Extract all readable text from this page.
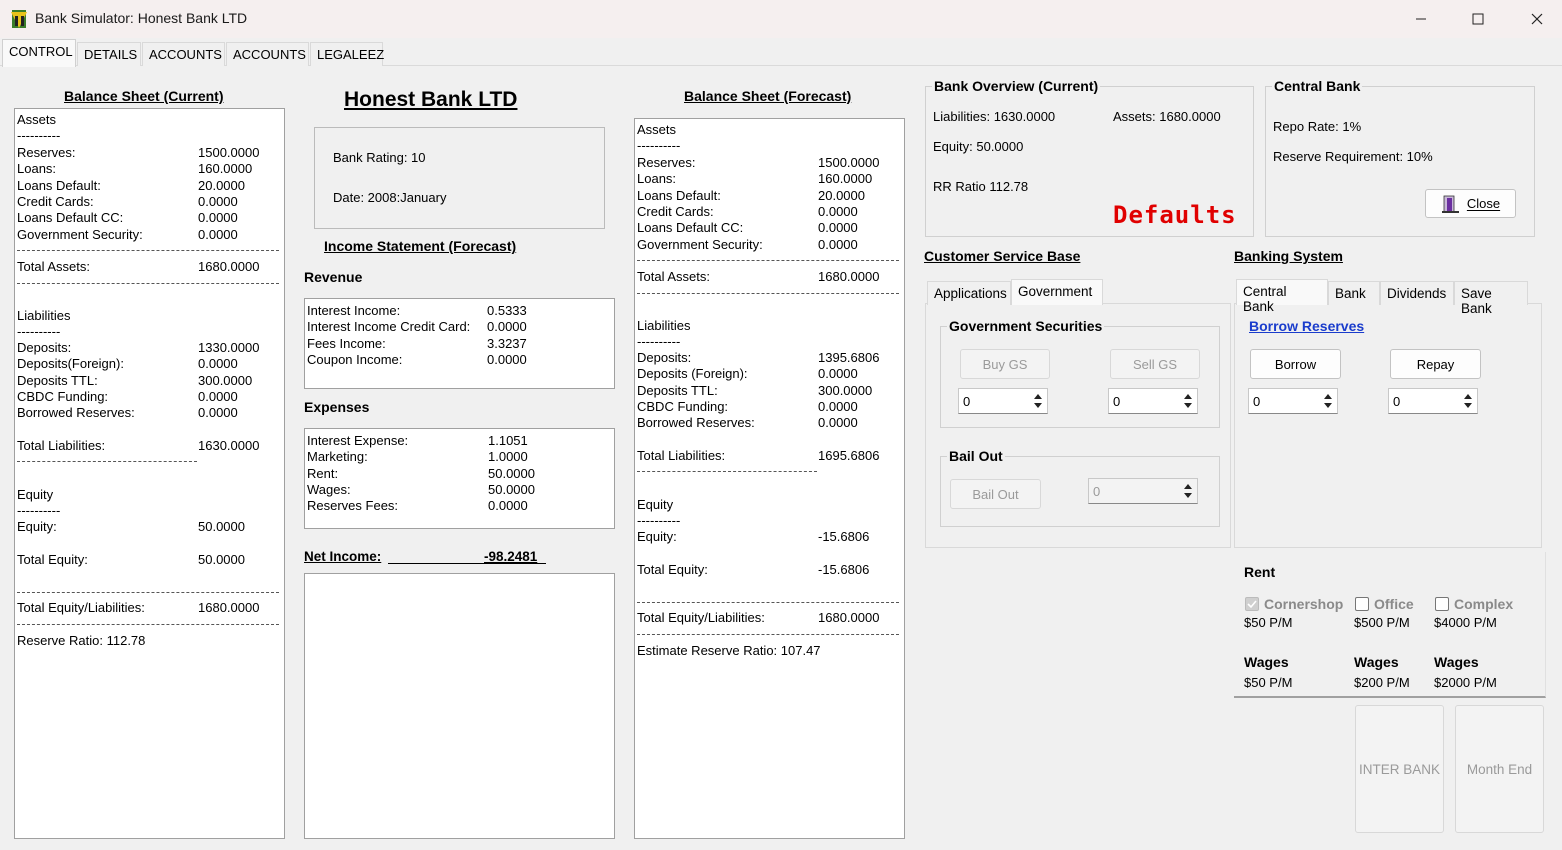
Bank Simulator: Honest Bank LTD
CONTROL DETAILS ACCOUNTS ACCOUNTS LEGALEEZ
Balance Sheet (Current)
Assets
----------
Reserves:	1500.0000
Loans:	160.0000
Loans Default:	20.0000
Credit Cards:	0.0000
Loans Default CC:	0.0000
Government Security:	0.0000
Total Assets:	1680.0000
Liabilities
----------
Deposits:	1330.0000
Deposits(Foreign):	0.0000
Deposits TTL:	300.0000
CBDC Funding:	0.0000
Borrowed Reserves:	0.0000
Total Liabilities:	1630.0000
Equity
----------
Equity:	50.0000
Total Equity:	50.0000
Total Equity/Liabilities:	1680.0000
Reserve Ratio: 112.78
Honest Bank LTD
Bank Rating: 10
Date: 2008:January
Income Statement (Forecast)
Revenue
Interest Income:	0.5333
Interest Income Credit Card: 0.0000
Fees Income:	3.3237
Coupon Income:	0.0000
Expenses
Interest Expense:	1.1051
Marketing:	1.0000
Rent:	50.0000
Wages:	50.0000
Reserves Fees:	0.0000
Net Income:	-98.2481
Balance Sheet (Forecast)
Assets
----------
Reserves:	1500.0000
Loans:	160.0000
Loans Default:	20.0000
Credit Cards:	0.0000
Loans Default CC:	0.0000
Government Security:	0.0000
Total Assets:	1680.0000
Liabilities
----------
Deposits:	1395.6806
Deposits (Foreign):	0.0000
Deposits TTL:	300.0000
CBDC Funding:	0.0000
Borrowed Reserves:	0.0000
Total Liabilities:	1695.6806
Equity
----------
Equity:	-15.6806
Total Equity:	-15.6806
Total Equity/Liabilities:	1680.0000
Estimate Reserve Ratio: 107.47
Bank Overview (Current)
Liabilities: 1630.0000	Assets: 1680.0000
Equity: 50.0000
RR Ratio 112.78
Defaults
Central Bank
Repo Rate: 1%
Reserve Requirement: 10%
Close
Customer Service Base
Applications Government
Government Securities
Buy GS	Sell GS
0	0
Bail Out
Bail Out	0
Banking System
Central Bank
Bank	Dividends	Save Bank
Borrow Reserves
Borrow	Repay
0	0
Rent
Cornershop
$50 P/M
Office
$500 P/M
Complex
$4000 P/M
Wages
$50 P/M
Wages
$200 P/M
Wages
$2000 P/M
INTER BANK	Month End
